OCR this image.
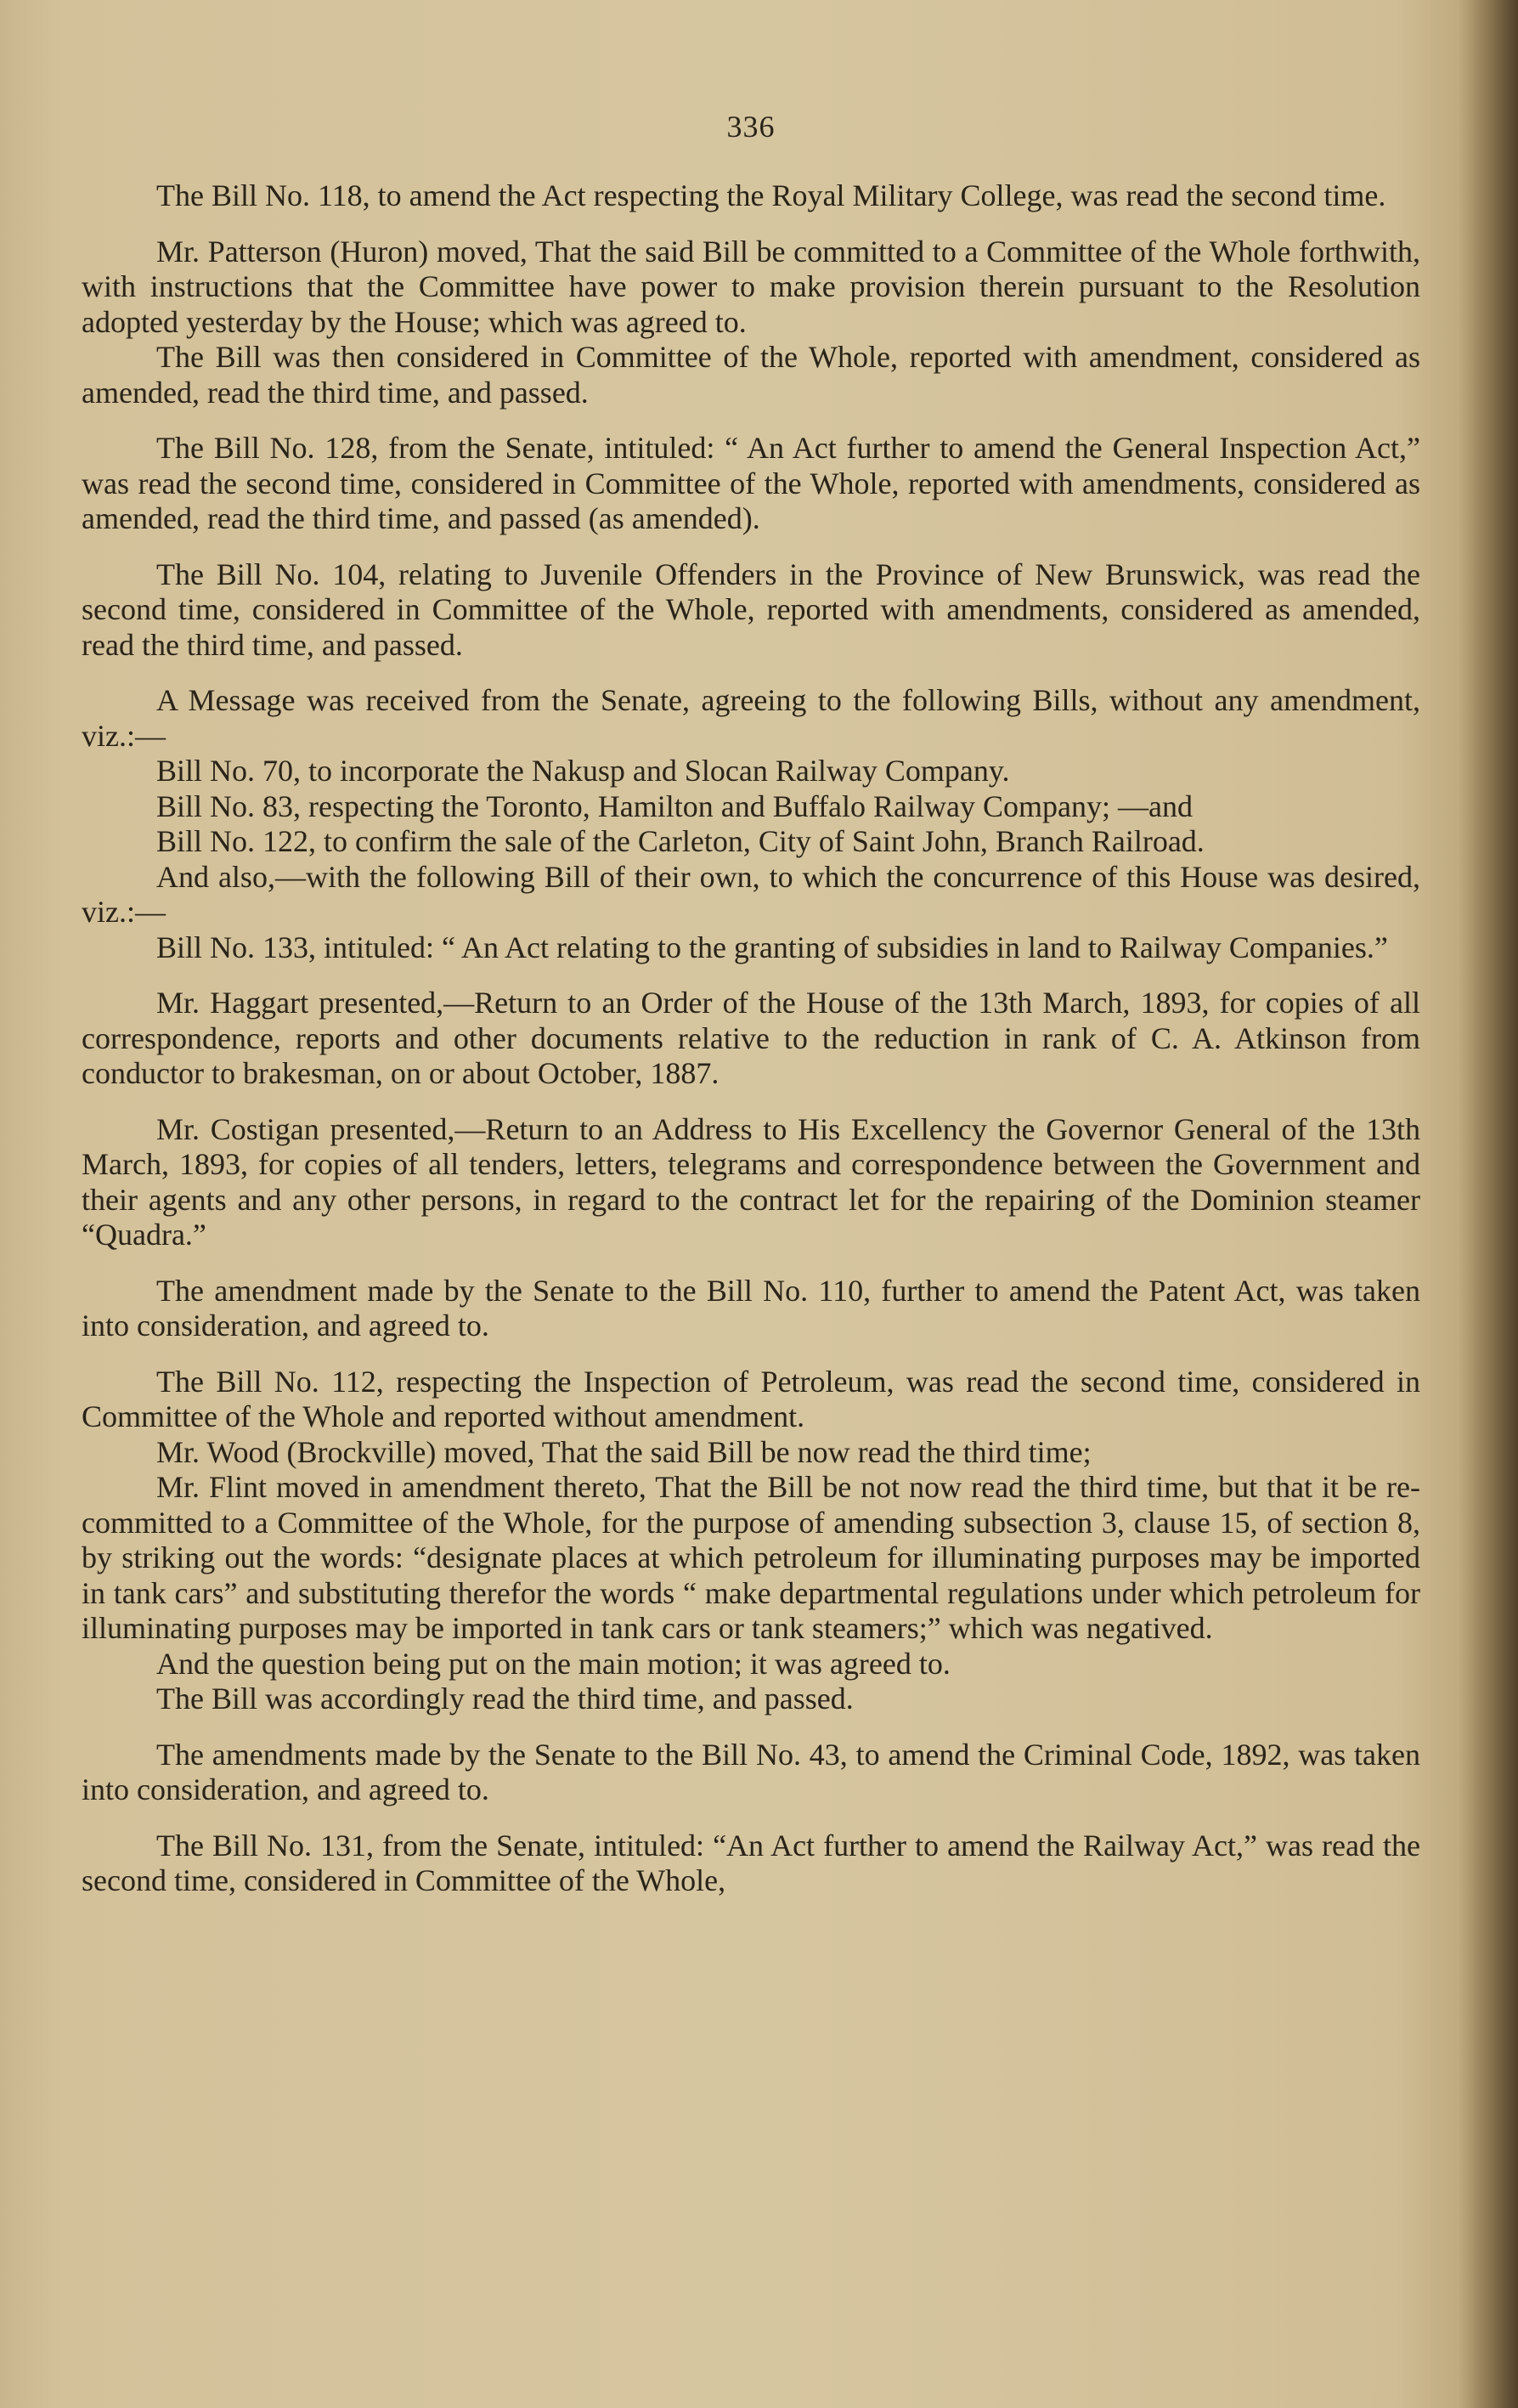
336

The Bill No. 118, to amend the Act respecting the Royal Military College, was read the second time.

Mr. Patterson (Huron) moved, That the said Bill be committed to a Committee of the Whole forthwith, with instructions that the Committee have power to make provision therein pursuant to the Resolution adopted yesterday by the House; which was agreed to.

The Bill was then considered in Committee of the Whole, reported with amendment, considered as amended, read the third time, and passed.

The Bill No. 128, from the Senate, intituled: “ An Act further to amend the General Inspection Act,” was read the second time, considered in Committee of the Whole, reported with amendments, considered as amended, read the third time, and passed (as amended).

The Bill No. 104, relating to Juvenile Offenders in the Province of New Brunswick, was read the second time, considered in Committee of the Whole, reported with amendments, considered as amended, read the third time, and passed.

A Message was received from the Senate, agreeing to the following Bills, without any amendment, viz.:—

Bill No. 70, to incorporate the Nakusp and Slocan Railway Company.

Bill No. 83, respecting the Toronto, Hamilton and Buffalo Railway Company; —and

Bill No. 122, to confirm the sale of the Carleton, City of Saint John, Branch Railroad.

And also,—with the following Bill of their own, to which the concurrence of this House was desired, viz.:—

Bill No. 133, intituled: “ An Act relating to the granting of subsidies in land to Railway Companies.”

Mr. Haggart presented,—Return to an Order of the House of the 13th March, 1893, for copies of all correspondence, reports and other documents relative to the reduction in rank of C. A. Atkinson from conductor to brakesman, on or about October, 1887.

Mr. Costigan presented,—Return to an Address to His Excellency the Governor General of the 13th March, 1893, for copies of all tenders, letters, telegrams and correspondence between the Government and their agents and any other persons, in regard to the contract let for the repairing of the Dominion steamer “Quadra.”

The amendment made by the Senate to the Bill No. 110, further to amend the Patent Act, was taken into consideration, and agreed to.

The Bill No. 112, respecting the Inspection of Petroleum, was read the second time, considered in Committee of the Whole and reported without amendment.

Mr. Wood (Brockville) moved, That the said Bill be now read the third time;

Mr. Flint moved in amendment thereto, That the Bill be not now read the third time, but that it be re-committed to a Committee of the Whole, for the purpose of amending subsection 3, clause 15, of section 8, by striking out the words: “designate places at which petroleum for illuminating purposes may be imported in tank cars” and substituting therefor the words “ make departmental regulations under which petroleum for illuminating purposes may be imported in tank cars or tank steamers;” which was negatived.

And the question being put on the main motion; it was agreed to.

The Bill was accordingly read the third time, and passed.

The amendments made by the Senate to the Bill No. 43, to amend the Criminal Code, 1892, was taken into consideration, and agreed to.

The Bill No. 131, from the Senate, intituled: “An Act further to amend the Railway Act,” was read the second time, considered in Committee of the Whole,
